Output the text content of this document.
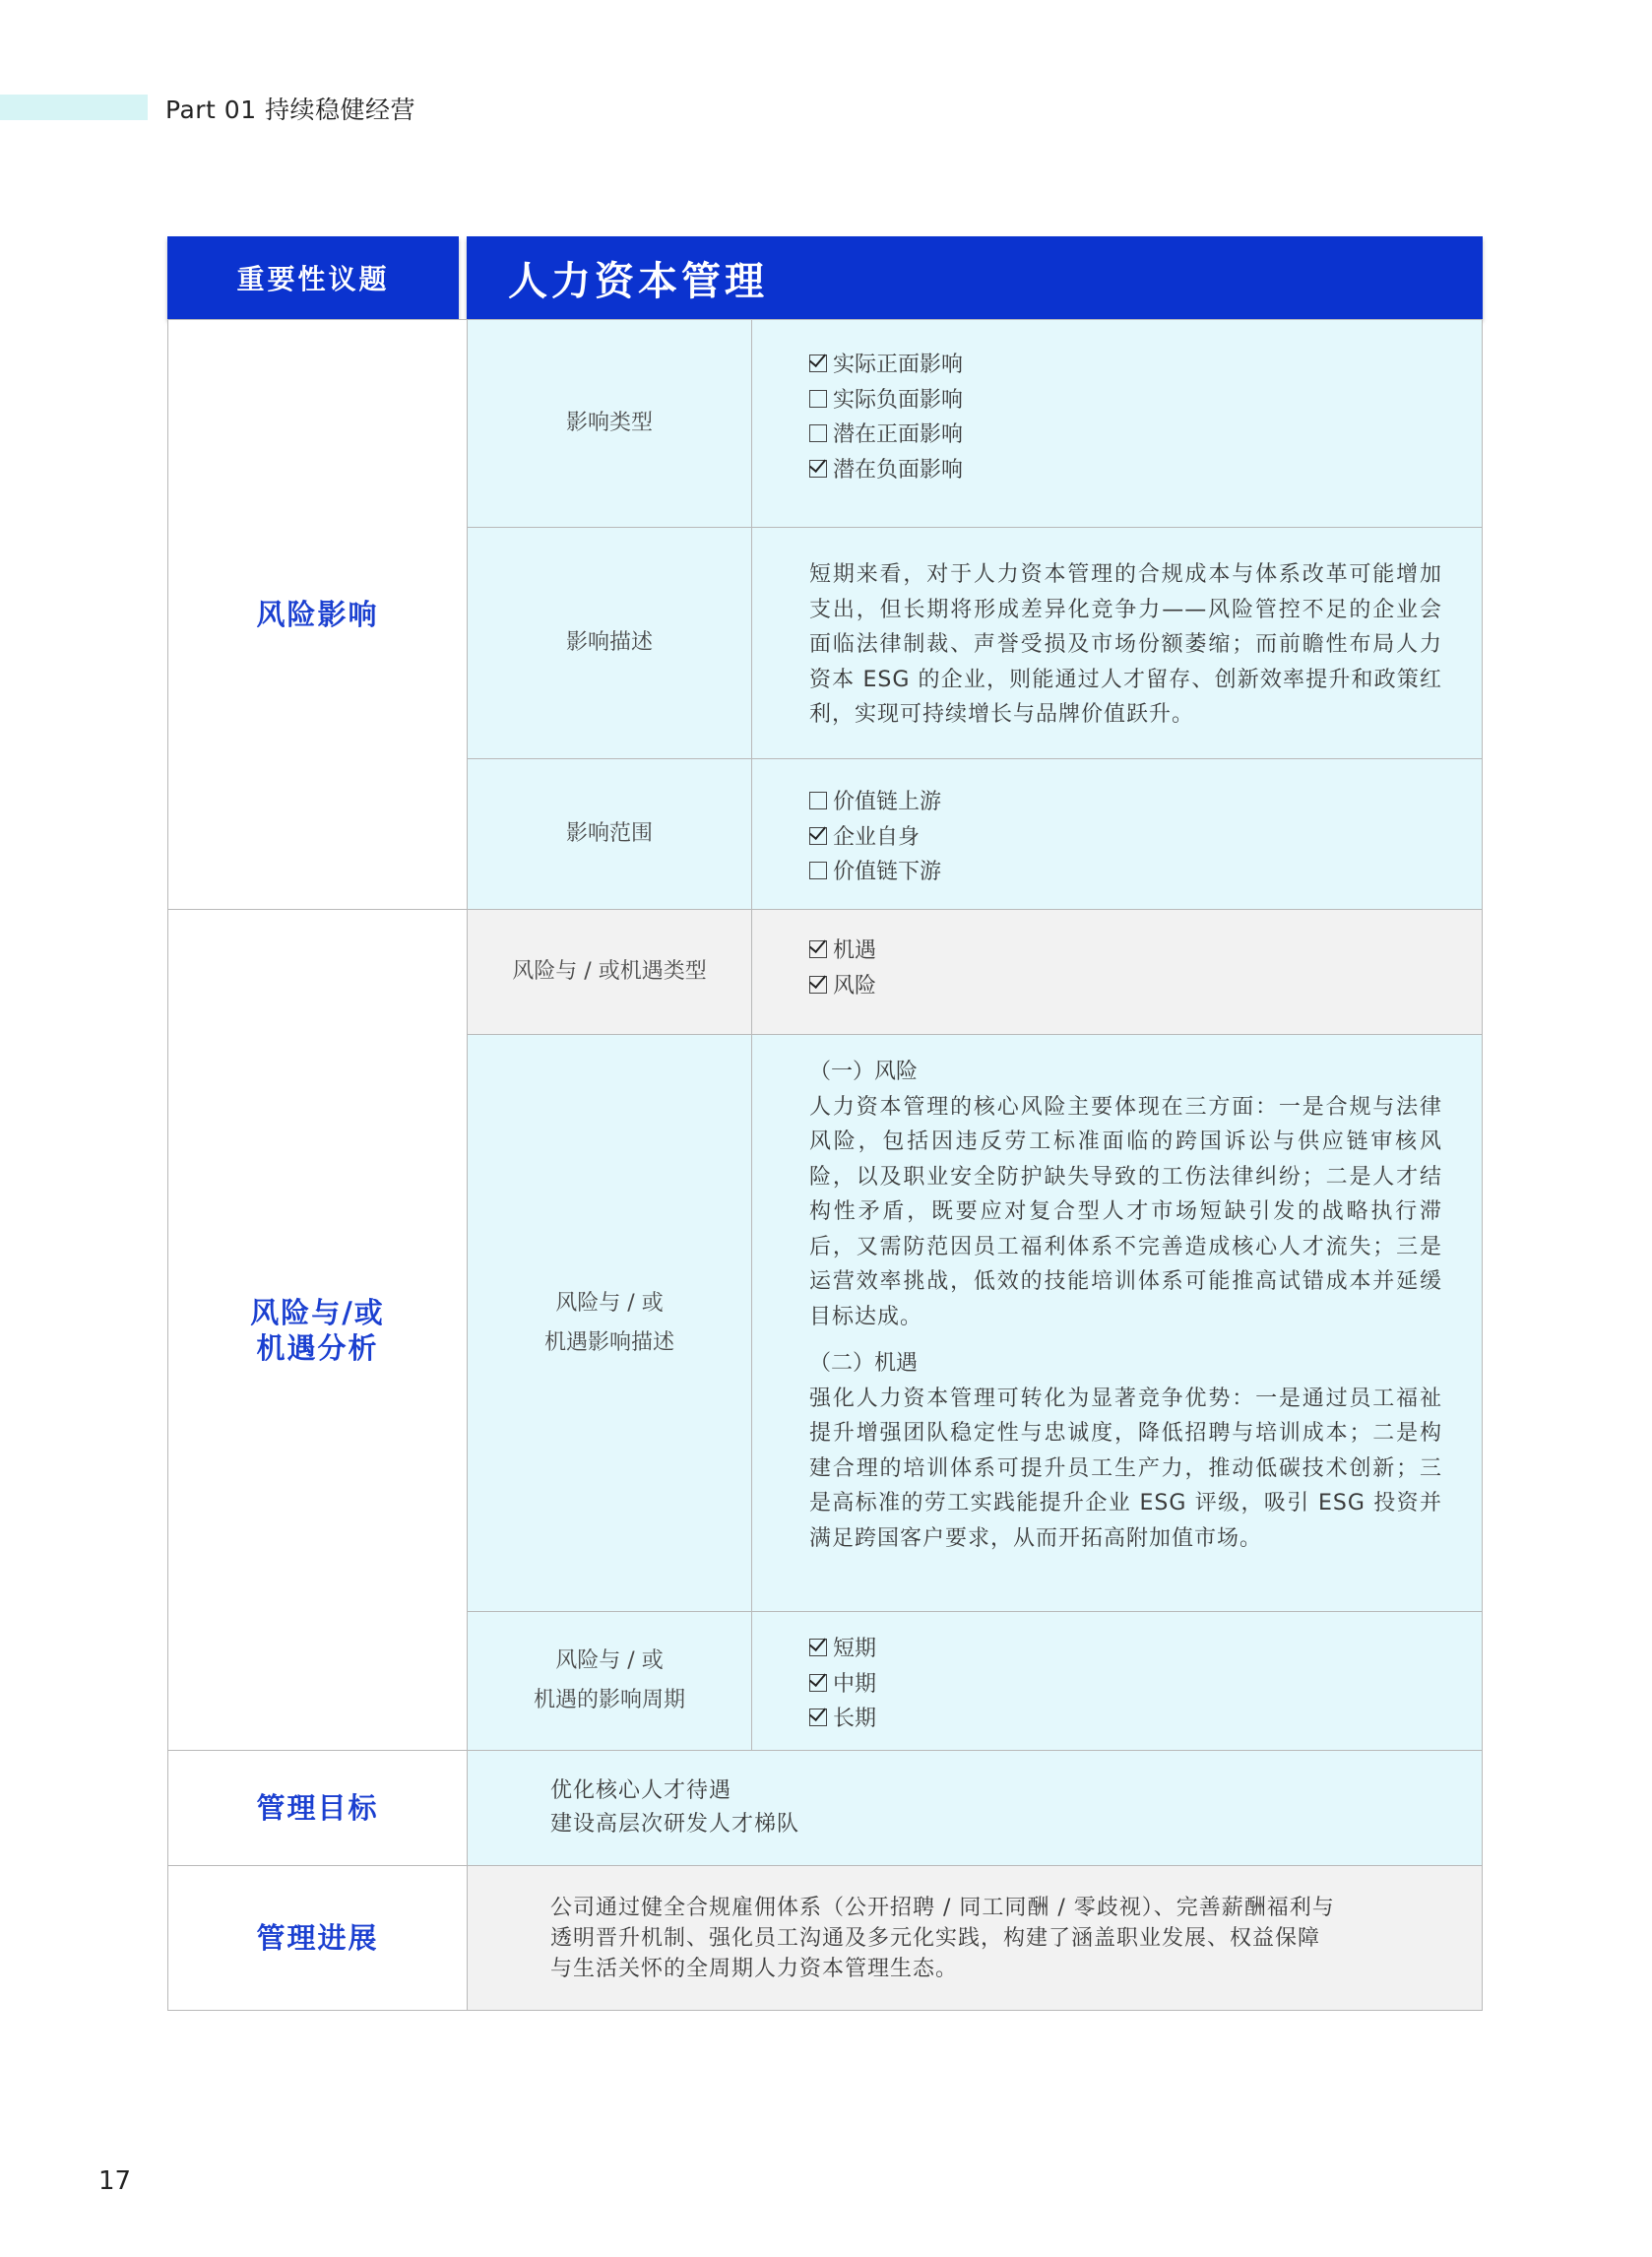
Part 01 持续稳健经营
重要性议题	人力资本管理
风险影响
影响类型
实际正面影响
实际负面影响
潜在正面影响
潜在负面影响
影响描述
短期来看，对于人力资本管理的合规成本与体系改革可能增加支出，但长期将形成差异化竞争力——风险管控不足的企业会面临法律制裁、声誉受损及市场份额萎缩；而前瞻性布局人力资本 ESG 的企业，则能通过人才留存、创新效率提升和政策红利，实现可持续增长与品牌价值跃升。
影响范围
价值链上游
企业自身
价值链下游
风险与/或
机遇分析
风险与 / 或机遇类型
机遇
风险
风险与 / 或
机遇影响描述
（一）风险
人力资本管理的核心风险主要体现在三方面：一是合规与法律风险，包括因违反劳工标准面临的跨国诉讼与供应链审核风险，以及职业安全防护缺失导致的工伤法律纠纷；二是人才结构性矛盾，既要应对复合型人才市场短缺引发的战略执行滞后，又需防范因员工福利体系不完善造成核心人才流失；三是运营效率挑战，低效的技能培训体系可能推高试错成本并延缓目标达成。
（二）机遇
强化人力资本管理可转化为显著竞争优势：一是通过员工福祉提升增强团队稳定性与忠诚度，降低招聘与培训成本；二是构建合理的培训体系可提升员工生产力，推动低碳技术创新；三是高标准的劳工实践能提升企业 ESG 评级，吸引 ESG 投资并满足跨国客户要求，从而开拓高附加值市场。
风险与 / 或
机遇的影响周期
短期
中期
长期
管理目标
优化核心人才待遇
建设高层次研发人才梯队
管理进展
公司通过健全合规雇佣体系（公开招聘 / 同工同酬 / 零歧视）、完善薪酬福利与
透明晋升机制、强化员工沟通及多元化实践，构建了涵盖职业发展、权益保障
与生活关怀的全周期人力资本管理生态。
17
